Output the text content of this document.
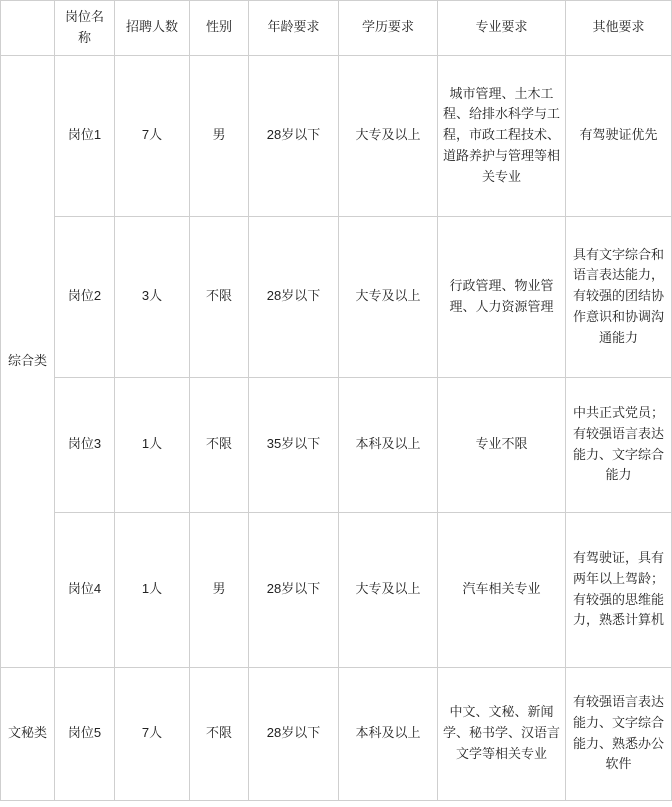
	岗位名称	招聘人数	性别	年龄要求	学历要求	专业要求	其他要求
综合类	岗位1	7人	男	28岁以下	大专及以上	城市管理、土木工程、给排水科学与工程，市政工程技术、道路养护与管理等相关专业	有驾驶证优先
	岗位2	3人	不限	28岁以下	大专及以上	行政管理、物业管理、人力资源管理	具有文字综合和语言表达能力，有较强的团结协作意识和协调沟通能力
	岗位3	1人	不限	35岁以下	本科及以上	专业不限	中共正式党员；有较强语言表达能力、文字综合能力
	岗位4	1人	男	28岁以下	大专及以上	汽车相关专业	有驾驶证，具有两年以上驾龄；有较强的思维能力，熟悉计算机
文秘类	岗位5	7人	不限	28岁以下	本科及以上	中文、文秘、新闻学、秘书学、汉语言文学等相关专业	有较强语言表达能力、文字综合能力、熟悉办公软件
